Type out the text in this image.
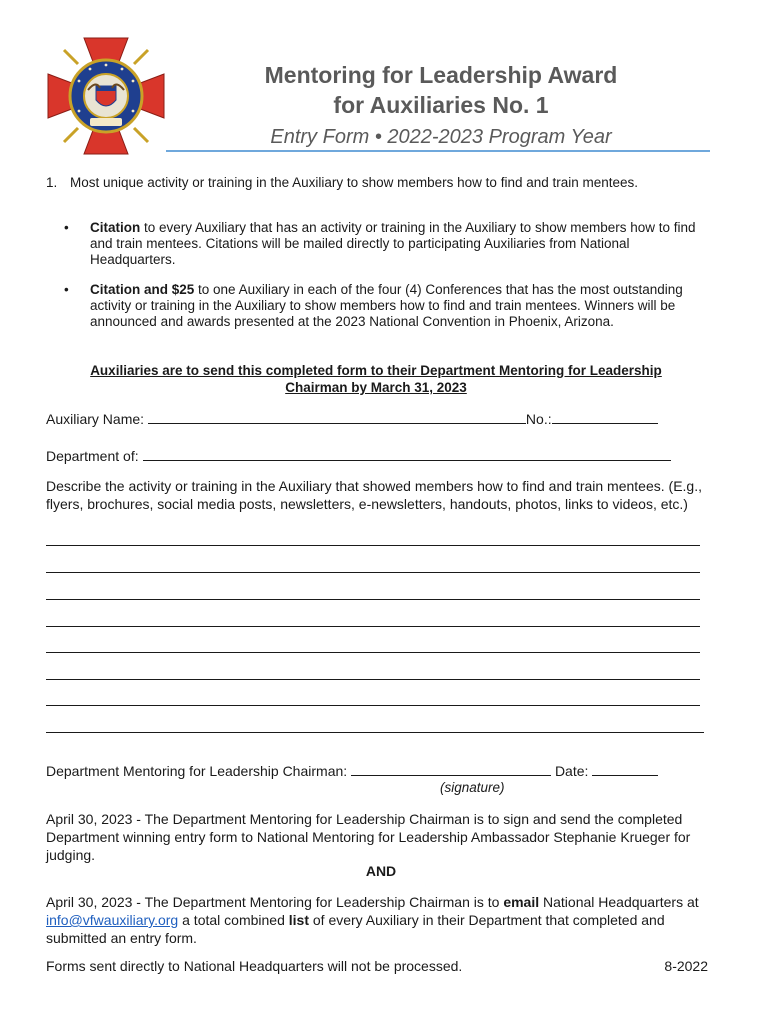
Mentoring for Leadership Award
for Auxiliaries No. 1
Entry Form • 2022-2023 Program Year
1. Most unique activity or training in the Auxiliary to show members how to find and train mentees.
• Citation to every Auxiliary that has an activity or training in the Auxiliary to show members how to find and train mentees. Citations will be mailed directly to participating Auxiliaries from National Headquarters.
• Citation and $25 to one Auxiliary in each of the four (4) Conferences that has the most outstanding activity or training in the Auxiliary to show members how to find and train mentees. Winners will be announced and awards presented at the 2023 National Convention in Phoenix, Arizona.
Auxiliaries are to send this completed form to their Department Mentoring for Leadership
Chairman by March 31, 2023
Auxiliary Name:	No.:
Department of:
Describe the activity or training in the Auxiliary that showed members how to find and train mentees. (E.g., flyers, brochures, social media posts, newsletters, e-newsletters, handouts, photos, links to videos, etc.)
Department Mentoring for Leadership Chairman:	Date:
(signature)
April 30, 2023 - The Department Mentoring for Leadership Chairman is to sign and send the completed Department winning entry form to National Mentoring for Leadership Ambassador Stephanie Krueger for judging.
AND
April 30, 2023 - The Department Mentoring for Leadership Chairman is to email National Headquarters at info@vfwauxiliary.org a total combined list of every Auxiliary in their Department that completed and submitted an entry form.
Forms sent directly to National Headquarters will not be processed.	8-2022
